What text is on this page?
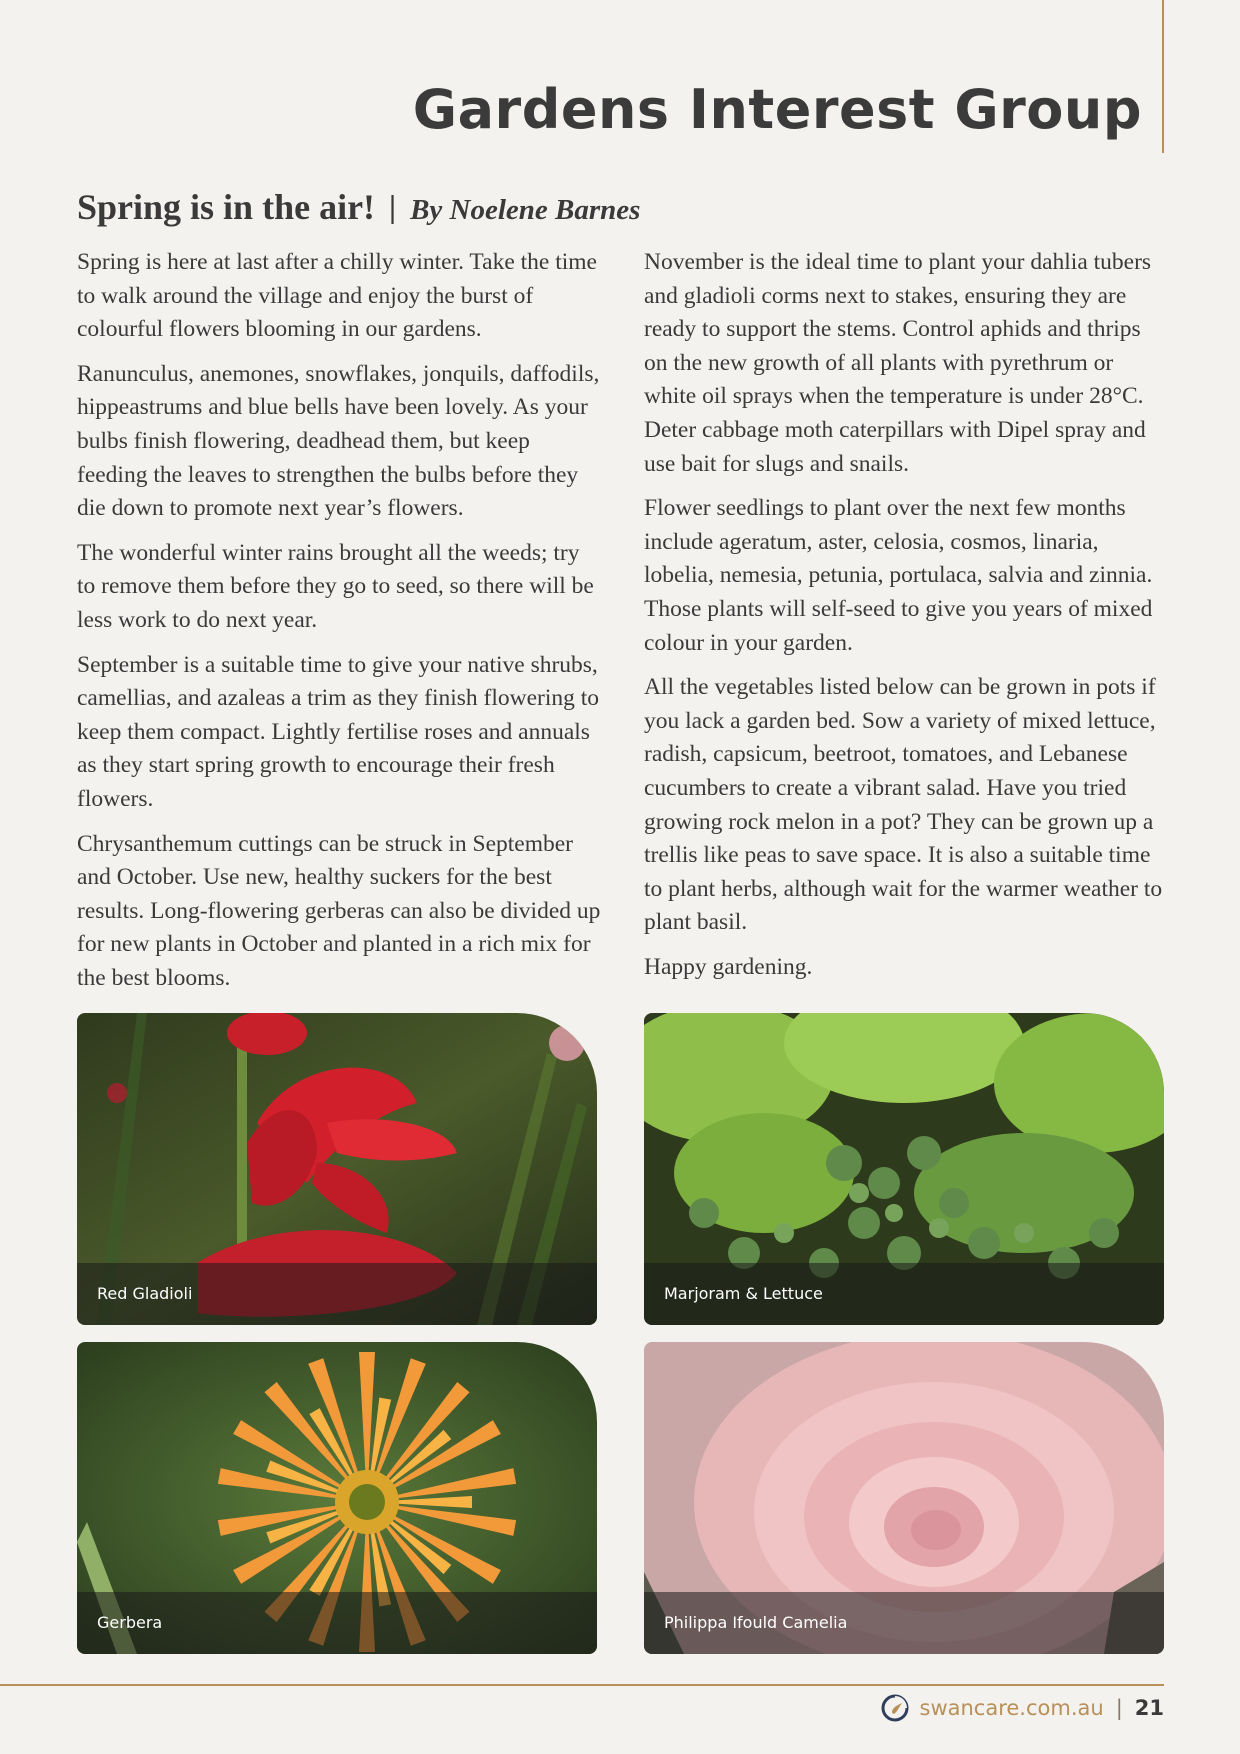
Gardens Interest Group
Spring is in the air! | By Noelene Barnes

Spring is here at last after a chilly winter. Take the time to walk around the village and enjoy the burst of colourful flowers blooming in our gardens.

Ranunculus, anemones, snowflakes, jonquils, daffodils, hippeastrums and blue bells have been lovely. As your bulbs finish flowering, deadhead them, but keep feeding the leaves to strengthen the bulbs before they die down to promote next year’s flowers.

The wonderful winter rains brought all the weeds; try to remove them before they go to seed, so there will be less work to do next year.

September is a suitable time to give your native shrubs, camellias, and azaleas a trim as they finish flowering to keep them compact. Lightly fertilise roses and annuals as they start spring growth to encourage their fresh flowers.

Chrysanthemum cuttings can be struck in September and October. Use new, healthy suckers for the best results. Long-flowering gerberas can also be divided up for new plants in October and planted in a rich mix for the best blooms.

November is the ideal time to plant your dahlia tubers and gladioli corms next to stakes, ensuring they are ready to support the stems. Control aphids and thrips on the new growth of all plants with pyrethrum or white oil sprays when the temperature is under 28°C. Deter cabbage moth caterpillars with Dipel spray and use bait for slugs and snails.

Flower seedlings to plant over the next few months include ageratum, aster, celosia, cosmos, linaria, lobelia, nemesia, petunia, portulaca, salvia and zinnia. Those plants will self-seed to give you years of mixed colour in your garden.

All the vegetables listed below can be grown in pots if you lack a garden bed. Sow a variety of mixed lettuce, radish, capsicum, beetroot, tomatoes, and Lebanese cucumbers to create a vibrant salad. Have you tried growing rock melon in a pot? They can be grown up a trellis like peas to save space. It is also a suitable time to plant herbs, although wait for the warmer weather to plant basil.

Happy gardening.

Red Gladioli	Marjoram & Lettuce
Gerbera	Philippa Ifould Camelia
swancare.com.au | 21
